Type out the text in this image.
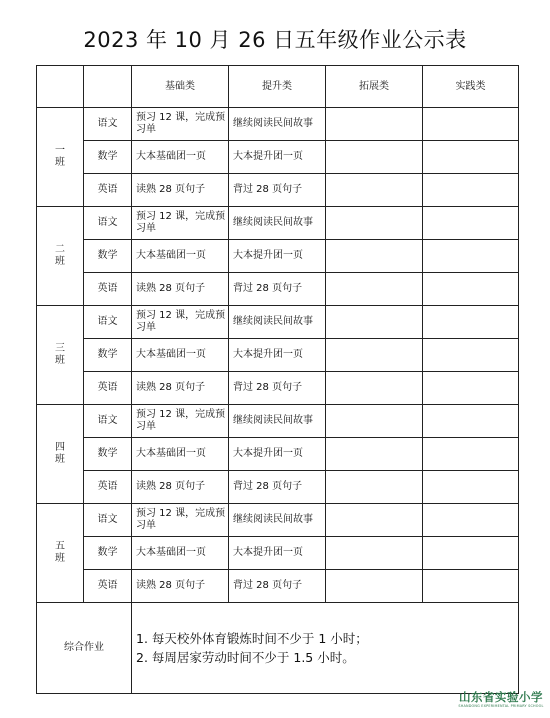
2023 年 10 月 26 日五年级作业公示表
		基础类	提升类	拓展类	实践类

一
班	语文	预习 12 课，完成预习单	继续阅读民间故事		
	数学	大本基础团一页	大本提升团一页		
	英语	读熟 28 页句子	背过 28 页句子		

二
班	语文	预习 12 课，完成预习单	继续阅读民间故事		
	数学	大本基础团一页	大本提升团一页		
	英语	读熟 28 页句子	背过 28 页句子		

三
班	语文	预习 12 课，完成预习单	继续阅读民间故事		
	数学	大本基础团一页	大本提升团一页		
	英语	读熟 28 页句子	背过 28 页句子		

四
班	语文	预习 12 课，完成预习单	继续阅读民间故事		
	数学	大本基础团一页	大本提升团一页		
	英语	读熟 28 页句子	背过 28 页句子		

五
班	语文	预习 12 课，完成预习单	继续阅读民间故事		
	数学	大本基础团一页	大本提升团一页		
	英语	读熟 28 页句子	背过 28 页句子		
综合作业		1. 每天校外体育锻炼时间不少于 1 小时；
2. 每周居家劳动时间不少于 1.5 小时。			
山东省实验小学
SHANDONG EXPERIMENTAL PRIMARY SCHOOL
